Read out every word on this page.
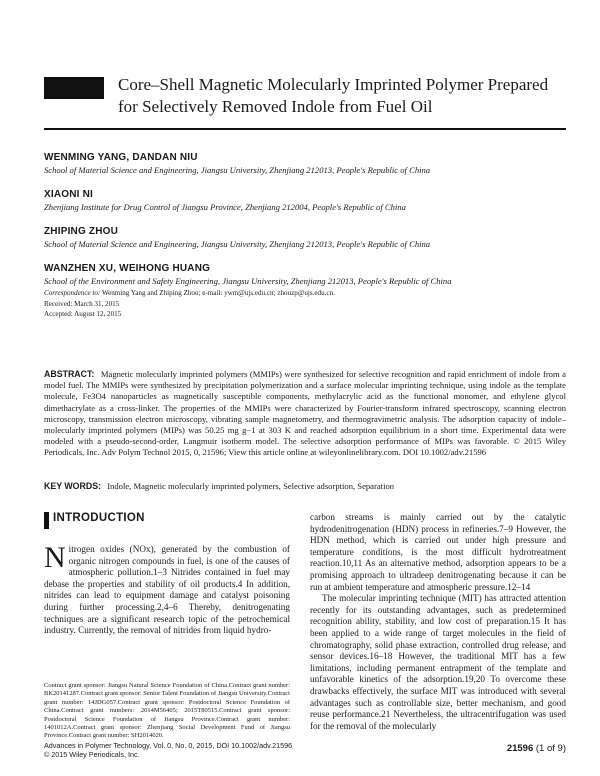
Core–Shell Magnetic Molecularly Imprinted Polymer Prepared for Selectively Removed Indole from Fuel Oil

WENMING YANG, DANDAN NIU

School of Material Science and Engineering, Jiangsu University, Zhenjiang 212013, People's Republic of China

XIAONI NI

Zhenjiang Institute for Drug Control of Jiangsu Province, Zhenjiang 212004, People's Republic of China

ZHIPING ZHOU

School of Material Science and Engineering, Jiangsu University, Zhenjiang 212013, People's Republic of China

WANZHEN XU, WEIHONG HUANG

School of the Environment and Safety Engineering, Jiangsu University, Zhenjiang 212013, People's Republic of China

Correspondence to: Wenming Yang and Zhiping Zhou; e-mail: ywm@ujs.edu.cn; zhouzp@ujs.edu.cn.

Received: March 31, 2015
Accepted: August 12, 2015

ABSTRACT: Magnetic molecularly imprinted polymers (MMIPs) were synthesized for selective recognition and rapid enrichment of indole from a model fuel. The MMIPs were synthesized by precipitation polymerization and a surface molecular imprinting technique, using indole as the template molecule, Fe3O4 nanoparticles as magnetically susceptible components, methylacrylic acid as the functional monomer, and ethylene glycol dimethacrylate as a cross-linker. The properties of the MMIPs were characterized by Fourier-transform infrared spectroscopy, scanning electron microscopy, transmission electron microscopy, vibrating sample magnetometry, and thermogravimetric analysis. The adsorption capacity of indole–molecularly imprinted polymers (MIPs) was 50.25 mg g−1 at 303 K and reached adsorption equilibrium in a short time. Experimental data were modeled with a pseudo-second-order, Langmuir isotherm model. The selective adsorption performance of MIPs was favorable. © 2015 Wiley Periodicals, Inc. Adv Polym Technol 2015, 0, 21596; View this article online at wileyonlinelibrary.com. DOI 10.1002/adv.21596
KEY WORDS: Indole, Magnetic molecularly imprinted polymers, Selective adsorption, Separation
INTRODUCTION

Nitrogen oxides (NOx), generated by the combustion of organic nitrogen compounds in fuel, is one of the causes of atmospheric pollution.1–3 Nitrides contained in fuel may debase the properties and stability of oil products.4 In addition, nitrides can lead to equipment damage and catalyst poisoning during further processing.2,4–6 Thereby, denitrogenating techniques are a significant research topic of the petrochemical industry. Currently, the removal of nitrides from liquid hydro-

carbon streams is mainly carried out by the catalytic hydrodenitrogenation (HDN) process in refineries.7–9 However, the HDN method, which is carried out under high pressure and temperature conditions, is the most difficult hydrotreatment reaction.10,11 As an alternative method, adsorption appears to be a promising approach to ultradeep denitrogenating because it can be run at ambient temperature and atmospheric pressure.12–14

The molecular imprinting technique (MIT) has attracted attention recently for its outstanding advantages, such as predetermined recognition ability, stability, and low cost of preparation.15 It has been applied to a wide range of target molecules in the field of chromatography, solid phase extraction, controlled drug release, and sensor devices.16–18 However, the traditional MIT has a few limitations, including permanent entrapment of the template and unfavorable kinetics of the adsorption.19,20 To overcome these drawbacks effectively, the surface MIT was introduced with several advantages such as controllable size, better mechanism, and good reuse performance.21 Nevertheless, the ultracentrifugation was used for the removal of the molecularly

Contract grant sponsor: Jiangsu Natural Science Foundation of China.Contract grant number: BK20141287.Contract grant sponsor: Senior Talent Foundation of Jiangsu University.Contract grant number: 14JDG057.Contract grant sponsor: Postdoctoral Science Foundation of China.Contract grant numbers: 2014M56405; 2015T80515.Contract grant sponsor: Postdoctoral Science Foundation of Jiangsu Province.Contract grant number: 1401012A.Contract grant sponsor: Zhenjiang Social Development Fund of Jiangsu Province.Contract grant number: SH2014020.
Advances in Polymer Technology, Vol. 0, No. 0, 2015, DOI 10.1002/adv.21596
© 2015 Wiley Periodicals, Inc.
21596 (1 of 9)
